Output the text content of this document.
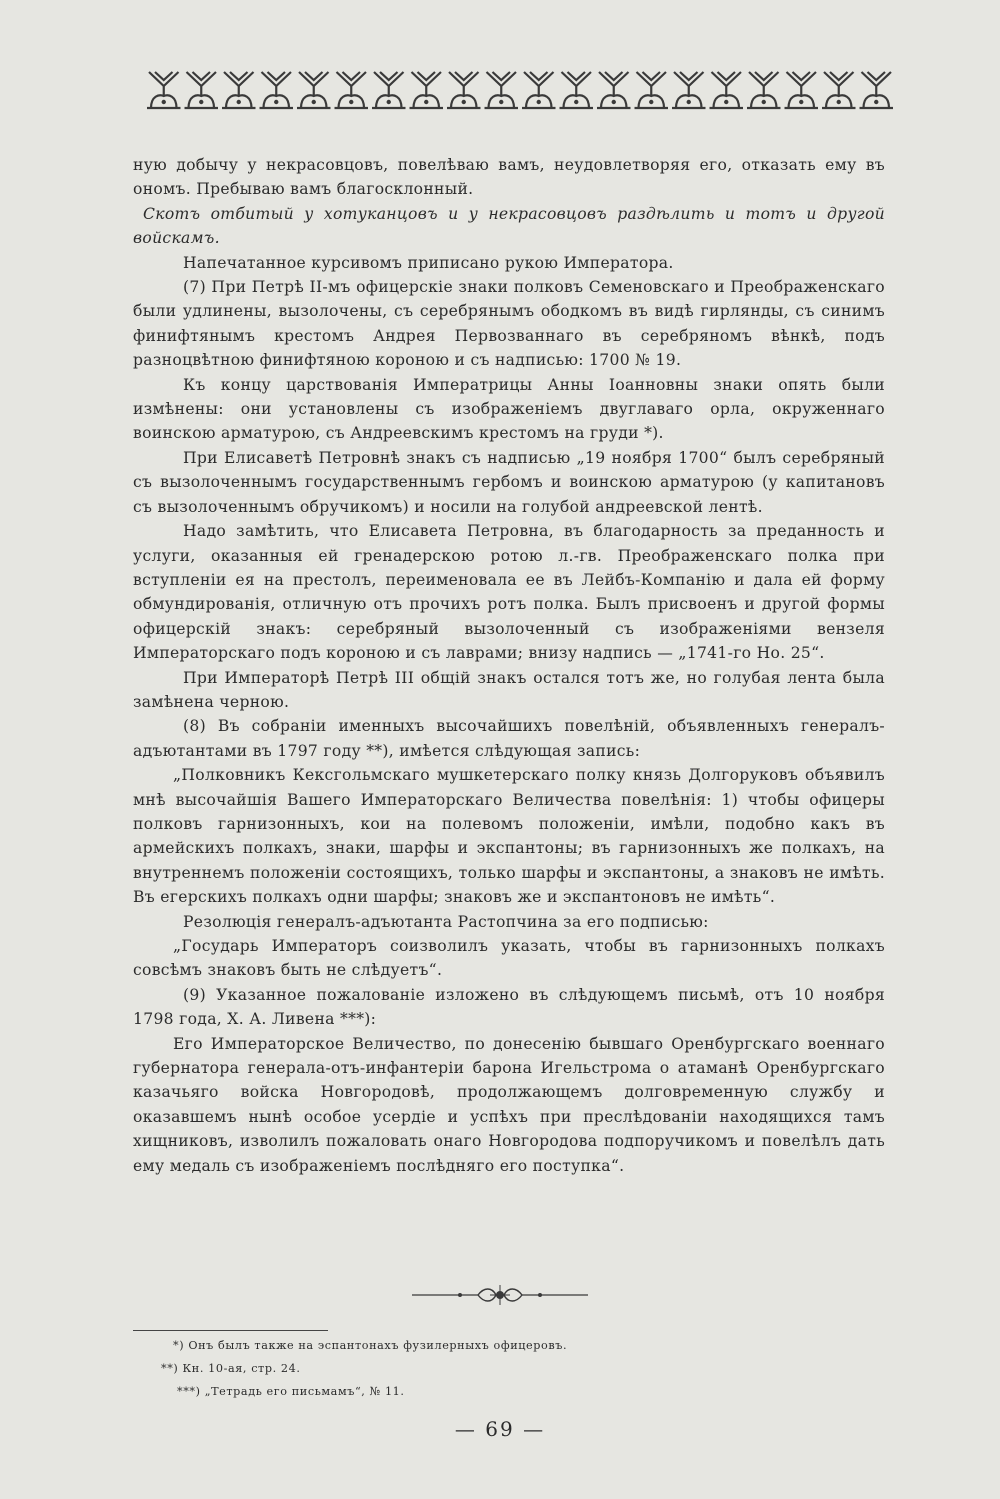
ную добычу у некрасовцовъ, повелѣваю вамъ, неудовлетворяя его, отказать ему въ ономъ. Пребываю вамъ благосклонный.

Скотъ отбитый у хотуканцовъ и у некрасовцовъ раздѣлить и тотъ и другой войскамъ.

Напечатанное курсивомъ приписано рукою Императора.

(7) При Петрѣ II-мъ офицерскіе знаки полковъ Семеновскаго и Преображенскаго были удлинены, вызолочены, съ серебрянымъ ободкомъ въ видѣ гирлянды, съ синимъ финифтянымъ крестомъ Андрея Первозваннаго въ серебряномъ вѣнкѣ, подъ разноцвѣтною финифтяною короною и съ надписью: 1700 № 19.

Къ концу царствованія Императрицы Анны Іоанновны знаки опять были измѣнены: они установлены съ изображеніемъ двуглаваго орла, окруженнаго воинскою арматурою, съ Андреевскимъ крестомъ на груди *).

При Елисаветѣ Петровнѣ знакъ съ надписью „19 ноября 1700“ былъ серебряный съ вызолоченнымъ государственнымъ гербомъ и воинскою арматурою (у капитановъ съ вызолоченнымъ обручикомъ) и носили на голубой андреевской лентѣ.

Надо замѣтить, что Елисавета Петровна, въ благодарность за преданность и услуги, оказанныя ей гренадерскою ротою л.-гв. Преображенскаго полка при вступленіи ея на престолъ, переименовала ее въ Лейбъ-Компанію и дала ей форму обмундированія, отличную отъ прочихъ ротъ полка. Былъ присвоенъ и другой формы офицерскій знакъ: серебряный вызолоченный съ изображеніями вензеля Императорскаго подъ короною и съ лаврами; внизу надпись — „1741-го Но. 25“.

При Императорѣ Петрѣ III общій знакъ остался тотъ же, но голубая лента была замѣнена черною.

(8) Въ собраніи именныхъ высочайшихъ повелѣній, объявленныхъ генералъ-адъютантами въ 1797 году **), имѣется слѣдующая запись:

„Полковникъ Кексгольмскаго мушкетерскаго полку князь Долгоруковъ объявилъ мнѣ высочайшія Вашего Императорскаго Величества повелѣнія: 1) чтобы офицеры полковъ гарнизонныхъ, кои на полевомъ положеніи, имѣли, подобно какъ въ армейскихъ полкахъ, знаки, шарфы и экспантоны; въ гарнизонныхъ же полкахъ, на внутреннемъ положеніи состоящихъ, только шарфы и экспантоны, а знаковъ не имѣть. Въ егерскихъ полкахъ одни шарфы; знаковъ же и экспантоновъ не имѣть“.

Резолюція генералъ-адъютанта Растопчина за его подписью:

„Государь Императоръ соизволилъ указать, чтобы въ гарнизонныхъ полкахъ совсѣмъ знаковъ быть не слѣдуетъ“.

(9) Указанное пожалованіе изложено въ слѣдующемъ письмѣ, отъ 10 ноября 1798 года, Х. А. Ливена ***):

Его Императорское Величество, по донесенію бывшаго Оренбургскаго военнаго губернатора генерала-отъ-инфантеріи барона Игельстрома о атаманѣ Оренбургскаго казачьяго войска Новгородовѣ, продолжающемъ долговременную службу и оказавшемъ нынѣ особое усердіе и успѣхъ при преслѣдованіи находящихся тамъ хищниковъ, изволилъ пожаловать онаго Новгородова подпоручикомъ и повелѣлъ дать ему медаль съ изображеніемъ послѣдняго его поступка“.

*) Онъ былъ также на эспантонахъ фузилерныхъ офицеровъ.
**) Кн. 10-ая, стр. 24.
***) „Тетрадь его письмамъ“, № 11.
— 69 —
